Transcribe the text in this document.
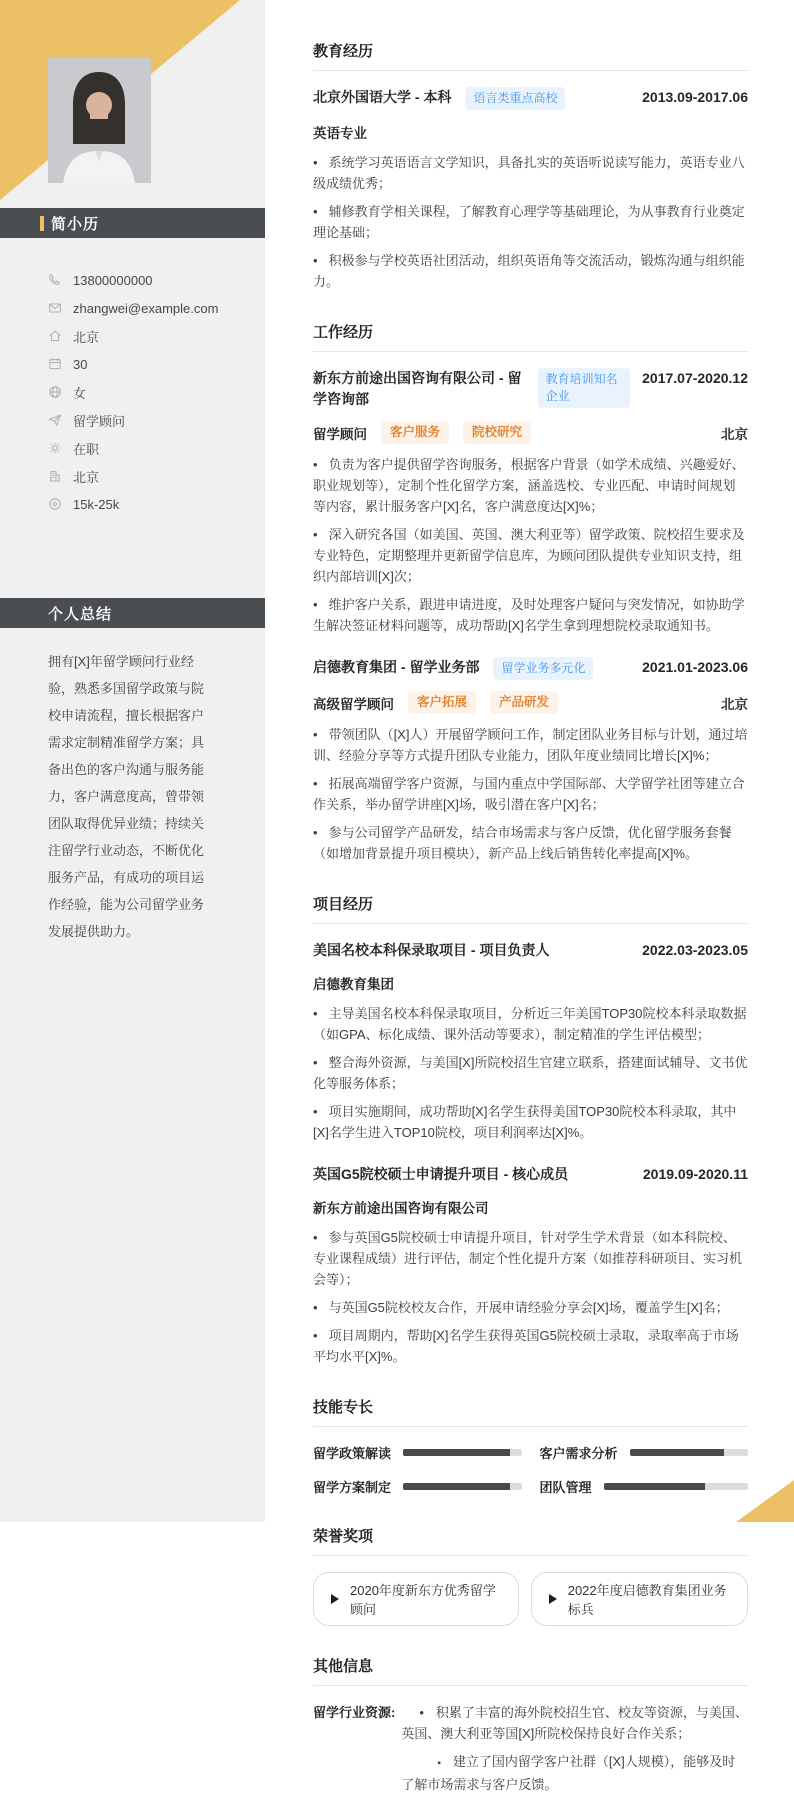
简小历
13800000000
zhangwei@example.com
北京
30
女
留学顾问
在职
北京
15k-25k
个人总结

拥有[X]年留学顾问行业经验，熟悉多国留学政策与院校申请流程，擅长根据客户需求定制精准留学方案；具备出色的客户沟通与服务能力，客户满意度高，曾带领团队取得优异业绩；持续关注留学行业动态，不断优化服务产品，有成功的项目运作经验，能为公司留学业务发展提供助力。

教育经历
北京外国语大学 - 本科	语言类重点高校	2013.09-2017.06
英语专业

• 系统学习英语语言文学知识，具备扎实的英语听说读写能力，英语专业八级成绩优秀；

• 辅修教育学相关课程，了解教育心理学等基础理论，为从事教育行业奠定理论基础；

• 积极参与学校英语社团活动，组织英语角等交流活动，锻炼沟通与组织能力。

工作经历
新东方前途出国咨询有限公司 - 留学咨询部
教育培训知名企业
2017.07-2020.12
留学顾问	客户服务	院校研究	北京

• 负责为客户提供留学咨询服务，根据客户背景（如学术成绩、兴趣爱好、职业规划等），定制个性化留学方案，涵盖选校、专业匹配、申请时间规划等内容，累计服务客户[X]名，客户满意度达[X]%；

• 深入研究各国（如美国、英国、澳大利亚等）留学政策、院校招生要求及专业特色，定期整理并更新留学信息库，为顾问团队提供专业知识支持，组织内部培训[X]次；

• 维护客户关系，跟进申请进度，及时处理客户疑问与突发情况，如协助学生解决签证材料问题等，成功帮助[X]名学生拿到理想院校录取通知书。

启德教育集团 - 留学业务部	留学业务多元化	2021.01-2023.06
高级留学顾问	客户拓展	产品研发	北京

• 带领团队（[X]人）开展留学顾问工作，制定团队业务目标与计划，通过培训、经验分享等方式提升团队专业能力，团队年度业绩同比增长[X]%；

• 拓展高端留学客户资源，与国内重点中学国际部、大学留学社团等建立合作关系，举办留学讲座[X]场，吸引潜在客户[X]名；

• 参与公司留学产品研发，结合市场需求与客户反馈，优化留学服务套餐（如增加背景提升项目模块），新产品上线后销售转化率提高[X]%。

项目经历
美国名校本科保录取项目 - 项目负责人	2022.03-2023.05
启德教育集团

• 主导美国名校本科保录取项目，分析近三年美国TOP30院校本科录取数据（如GPA、标化成绩、课外活动等要求），制定精准的学生评估模型；

• 整合海外资源，与美国[X]所院校招生官建立联系，搭建面试辅导、文书优化等服务体系；

• 项目实施期间，成功帮助[X]名学生获得美国TOP30院校本科录取，其中[X]名学生进入TOP10院校，项目利润率达[X]%。

英国G5院校硕士申请提升项目 - 核心成员	2019.09-2020.11
新东方前途出国咨询有限公司

• 参与英国G5院校硕士申请提升项目，针对学生学术背景（如本科院校、专业课程成绩）进行评估，制定个性化提升方案（如推荐科研项目、实习机会等）；

• 与英国G5院校校友合作，开展申请经验分享会[X]场，覆盖学生[X]名；

• 项目周期内，帮助[X]名学生获得英国G5院校硕士录取，录取率高于市场平均水平[X]%。

技能专长
留学政策解读	客户需求分析
留学方案制定	团队管理
荣誉奖项
2020年度新东方优秀留学顾问
2022年度启德教育集团业务标兵
其他信息
留学行业资源:	• 积累了丰富的海外院校招生官、校友等资源，与美国、英国、澳大利亚等国[X]所院校保持良好合作关系；

▪ 建立了国内留学客户社群（[X]人规模），能够及时了解市场需求与客户反馈。
